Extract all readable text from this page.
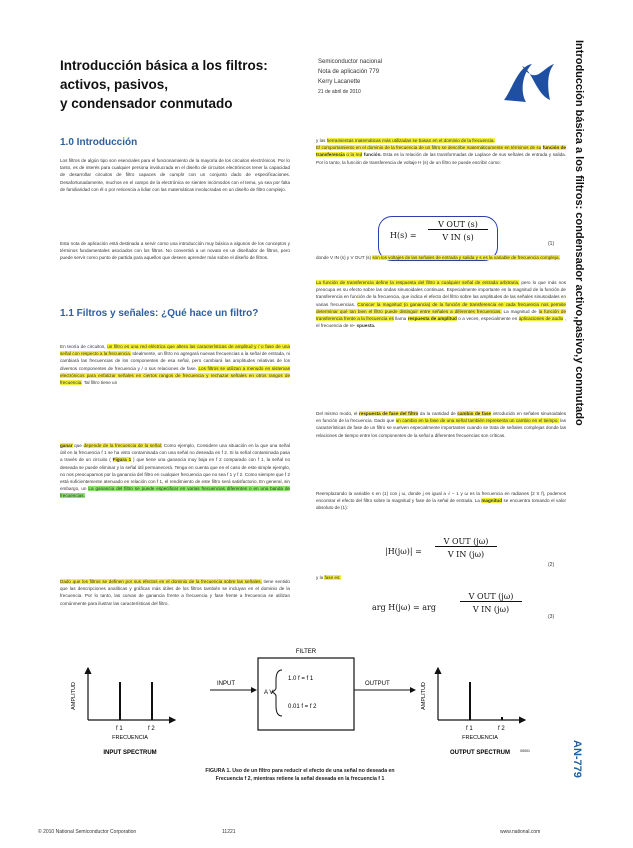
Introducción básica a los filtros:
activos, pasivos,
y condensador conmutado
Semiconductor nacional
Nota de aplicación 779
Kerry Lacanette
21 de abril de 2010	Introducción básica a los filtros: condensador activo,pasivo,y conmutado
AN-779
1.0 Introducción
Los filtros de algún tipo son esenciales para el funcionamiento de la mayoría de los circuitos electrónicos. Por lo tanto, es de interés para cualquier persona involucrada en el diseño de circuitos electrónicos tener la capacidad de desarrollar circuitos de filtro capaces de cumplir con un conjunto dado de especificaciones. Desafortunadamente, muchos en el campo de la electrónica se sienten incómodos con el tema, ya sea por falta de familiaridad con él o por reticencia a lidiar con las matemáticas involucradas en un diseño de filtro complejo.
Esta nota de aplicación está destinada a servir como una introducción muy básica a algunos de los conceptos y términos fundamentales asociados con los filtros. No convertirá a un novato en un diseñador de filtros, pero puede servir como punto de partida para aquellos que deseen aprender más sobre el diseño de filtros.
1.1 Filtros y señales: ¿Qué hace un filtro?
En teoría de circuitos, un filtro es una red eléctrica que altera las características de amplitud y / o fase de una señal con respecto a la frecuencia. Idealmente, un filtro no agregará nuevas frecuencias a la señal de entrada, ni cambiará las frecuencias de los componentes de esa señal, pero cambiará las amplitudes relativas de los diversos componentes de frecuencia y / o sus relaciones de fase. Los filtros se utilizan a menudo en sistemas electrónicos para enfatizar señales en ciertos rangos de frecuencia y rechazar señales en otros rangos de frecuencia. Tal filtro tiene un
ganar que depende de la frecuencia de la señal. Como ejemplo, Considere una situación en la que una señal útil en la frecuencia f 1 se ha visto contaminada con una señal no deseada en f 2. Si la señal contaminada pasa a través de un circuito ( Figura 1 ) que tiene una ganancia muy baja en f 2 comparado con f 1, la señal no deseada se puede eliminar y la señal útil permanecerá. Tenga en cuenta que en el caso de este simple ejemplo, no nos preocupamos por la ganancia del filtro en cualquier frecuencia que no sea f 1 y f 2. Como siempre que f 2 está suficientemente atenuado en relación con f 1, el rendimiento de este filtro será satisfactorio. En general, sin embargo, un La ganancia del filtro se puede especificar en varias frecuencias diferentes o en una banda de frecuencias.
Dado que los filtros se definen por sus efectos en el dominio de la frecuencia sobre las señales, tiene sentido que las descripciones analíticas y gráficas más útiles de los filtros también se incluyan en el dominio de la frecuencia. Por lo tanto, las curvas de ganancia frente a frecuencia y fase frente a frecuencia se utilizan comúnmente para ilustrar las características del filtro.
y las herramientas matemáticas más utilizadas se basan en el dominio de la frecuencia.
El comportamiento en el dominio de la frecuencia de un filtro se describe matemáticamente en términos de su función de transferencia o la red función. Esta es la relación de las transformadas de Laplace de sus señales de entrada y salida. Por lo tanto, la función de transferencia de voltaje H (s) de un filtro se puede escribir como:
H(s) =
V OUT (s)
V IN (s)
(1)
donde V IN (s) y V OUT (s) son los voltajes de las señales de entrada y salida y s es la variable de frecuencia compleja.
La función de transferencia define la respuesta del filtro a cualquier señal de entrada arbitraria, pero lo que más nos preocupa es su efecto sobre las ondas sinusoidales continuas. Especialmente importante es la magnitud de la función de transferencia en función de la frecuencia, que indica el efecto del filtro sobre las amplitudes de las señales sinusoidales en varias frecuencias. Conocer la magnitud (o ganancia) de la función de transferencia en cada frecuencia nos permite determinar qué tan bien el filtro puede distinguir entre señales a diferentes frecuencias. La magnitud de la función de transferencia frente a la frecuencia es llama respuesta de amplitud o a veces, especialmente en aplicaciones de audio , el frecuencia de re- spuesta.
Del mismo modo, el respuesta de fase del filtro da la cantidad de cambio de fase introducido en señales sinusoidales en función de la frecuencia. Dado que un cambio en la fase de una señal también representa un cambio en el tiempo, las características de fase de un filtro se vuelven especialmente importantes cuando se trata de señales complejas donde las relaciones de tiempo entre los componentes de la señal a diferentes frecuencias son críticas.
Reemplazando la variable s en (1) con j ω, donde j es igual a √ − 1 y ω es la frecuencia en radianes (2 π f), podemos encontrar el efecto del filtro sobre la magnitud y fase de la señal de entrada. La magnitud se encuentra tomando el valor absoluto de (1):
|H(jω)| =
V OUT (jω)
V IN (jω)
(2)
y la fase es:
arg H(jω) = arg
V OUT (jω)
V IN (jω)
(3)
AMPLITUD
f 1	f 2
FRECUENCIA
INPUT SPECTRUM
INPUT
FILTER
A V
1.0 f = f 1
0.01 f = f 2
OUTPUT	AMPLITUD
f 1	f 2
FRECUENCIA
OUTPUT SPECTRUM	00001
FIGURA 1. Uso de un filtro para reducir el efecto de una señal no deseada en
Frecuencia f 2, mientras retiene la señal deseada en la frecuencia f 1
© 2010 National Semiconductor Corporation	11221	www.national.com
